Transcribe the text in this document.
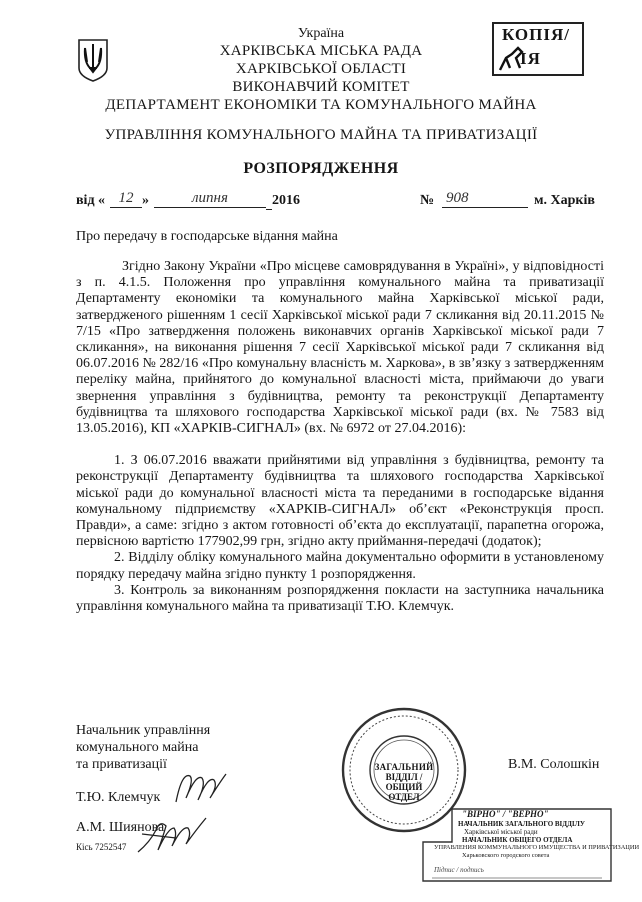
Україна
ХАРКІВСЬКА МІСЬКА РАДА
ХАРКІВСЬКОЇ ОБЛАСТІ
ВИКОНАВЧИЙ КОМІТЕТ
ДЕПАРТАМЕНТ ЕКОНОМІКИ ТА КОМУНАЛЬНОГО МАЙНА
УПРАВЛІННЯ КОМУНАЛЬНОГО МАЙНА ТА ПРИВАТИЗАЦІЇ
РОЗПОРЯДЖЕННЯ
КОПІЯ/
ІЯ
від « 12 »	липня	2016	№ 908	м. Харків
Про передачу в господарське відання майна

Згідно Закону України «Про місцеве самоврядування в Україні», у відповідності з п. 4.1.5. Положення про управління комунального майна та приватизації Департаменту економіки та комунального майна Харківської міської ради, затвердженого рішенням 1 сесії Харківської міської ради 7 скликання від 20.11.2015 № 7/15 «Про затвердження положень виконавчих органів Харківської міської ради 7 скликання», на виконання рішення 7 сесії Харківської міської ради 7 скликання від 06.07.2016 № 282/16 «Про комунальну власність м. Харкова», в зв’язку з затвердженням переліку майна, прийнятого до комунальної власності міста, приймаючи до уваги звернення управління з будівництва, ремонту та реконструкції Департаменту будівництва та шляхового господарства Харківської міської ради (вх. № 7583 від 13.05.2016), КП «ХАРКІВ-СИГНАЛ» (вх. № 6972 от 27.04.2016):

1. З 06.07.2016 вважати прийнятими від управління з будівництва, ремонту та реконструкції Департаменту будівництва та шляхового господарства Харківської міської ради до комунальної власності міста та переданими в господарське відання комунальному підприємству «ХАРКІВ-СИГНАЛ» об’єкт «Реконструкція просп. Правди», а саме: згідно з актом готовності об’єкта до експлуатації, парапетна огорожа, первісною вартістю 177902,99 грн, згідно акту приймання-передачі (додаток);

2. Відділу обліку комунального майна документально оформити в установленому порядку передачу майна згідно пункту 1 розпорядження.

3. Контроль за виконанням розпорядження покласти на заступника начальника управління комунального майна та приватизації Т.Ю. Клемчук.

Начальник управління
комунального майна
та приватизації
Т.Ю. Клемчук
А.М. Шиянова
Кісь 7252547
В.М. Солошкін
ЗАГАЛЬНИЙ
ВІДДІЛ /
ОБЩИЙ ОТДЕЛ
"ВІРНО" / "ВЕРНО"
НАЧАЛЬНИК ЗАГАЛЬНОГО ВІДДІЛУ
Харківської міської ради
НАЧАЛЬНИК ОБЩЕГО ОТДЕЛА
УПРАВЛЕНИЯ КОММУНАЛЬНОГО ИМУЩЕСТВА И ПРИВАТИЗАЦИИ
Харьковского городского совета
Підпис / подпись
